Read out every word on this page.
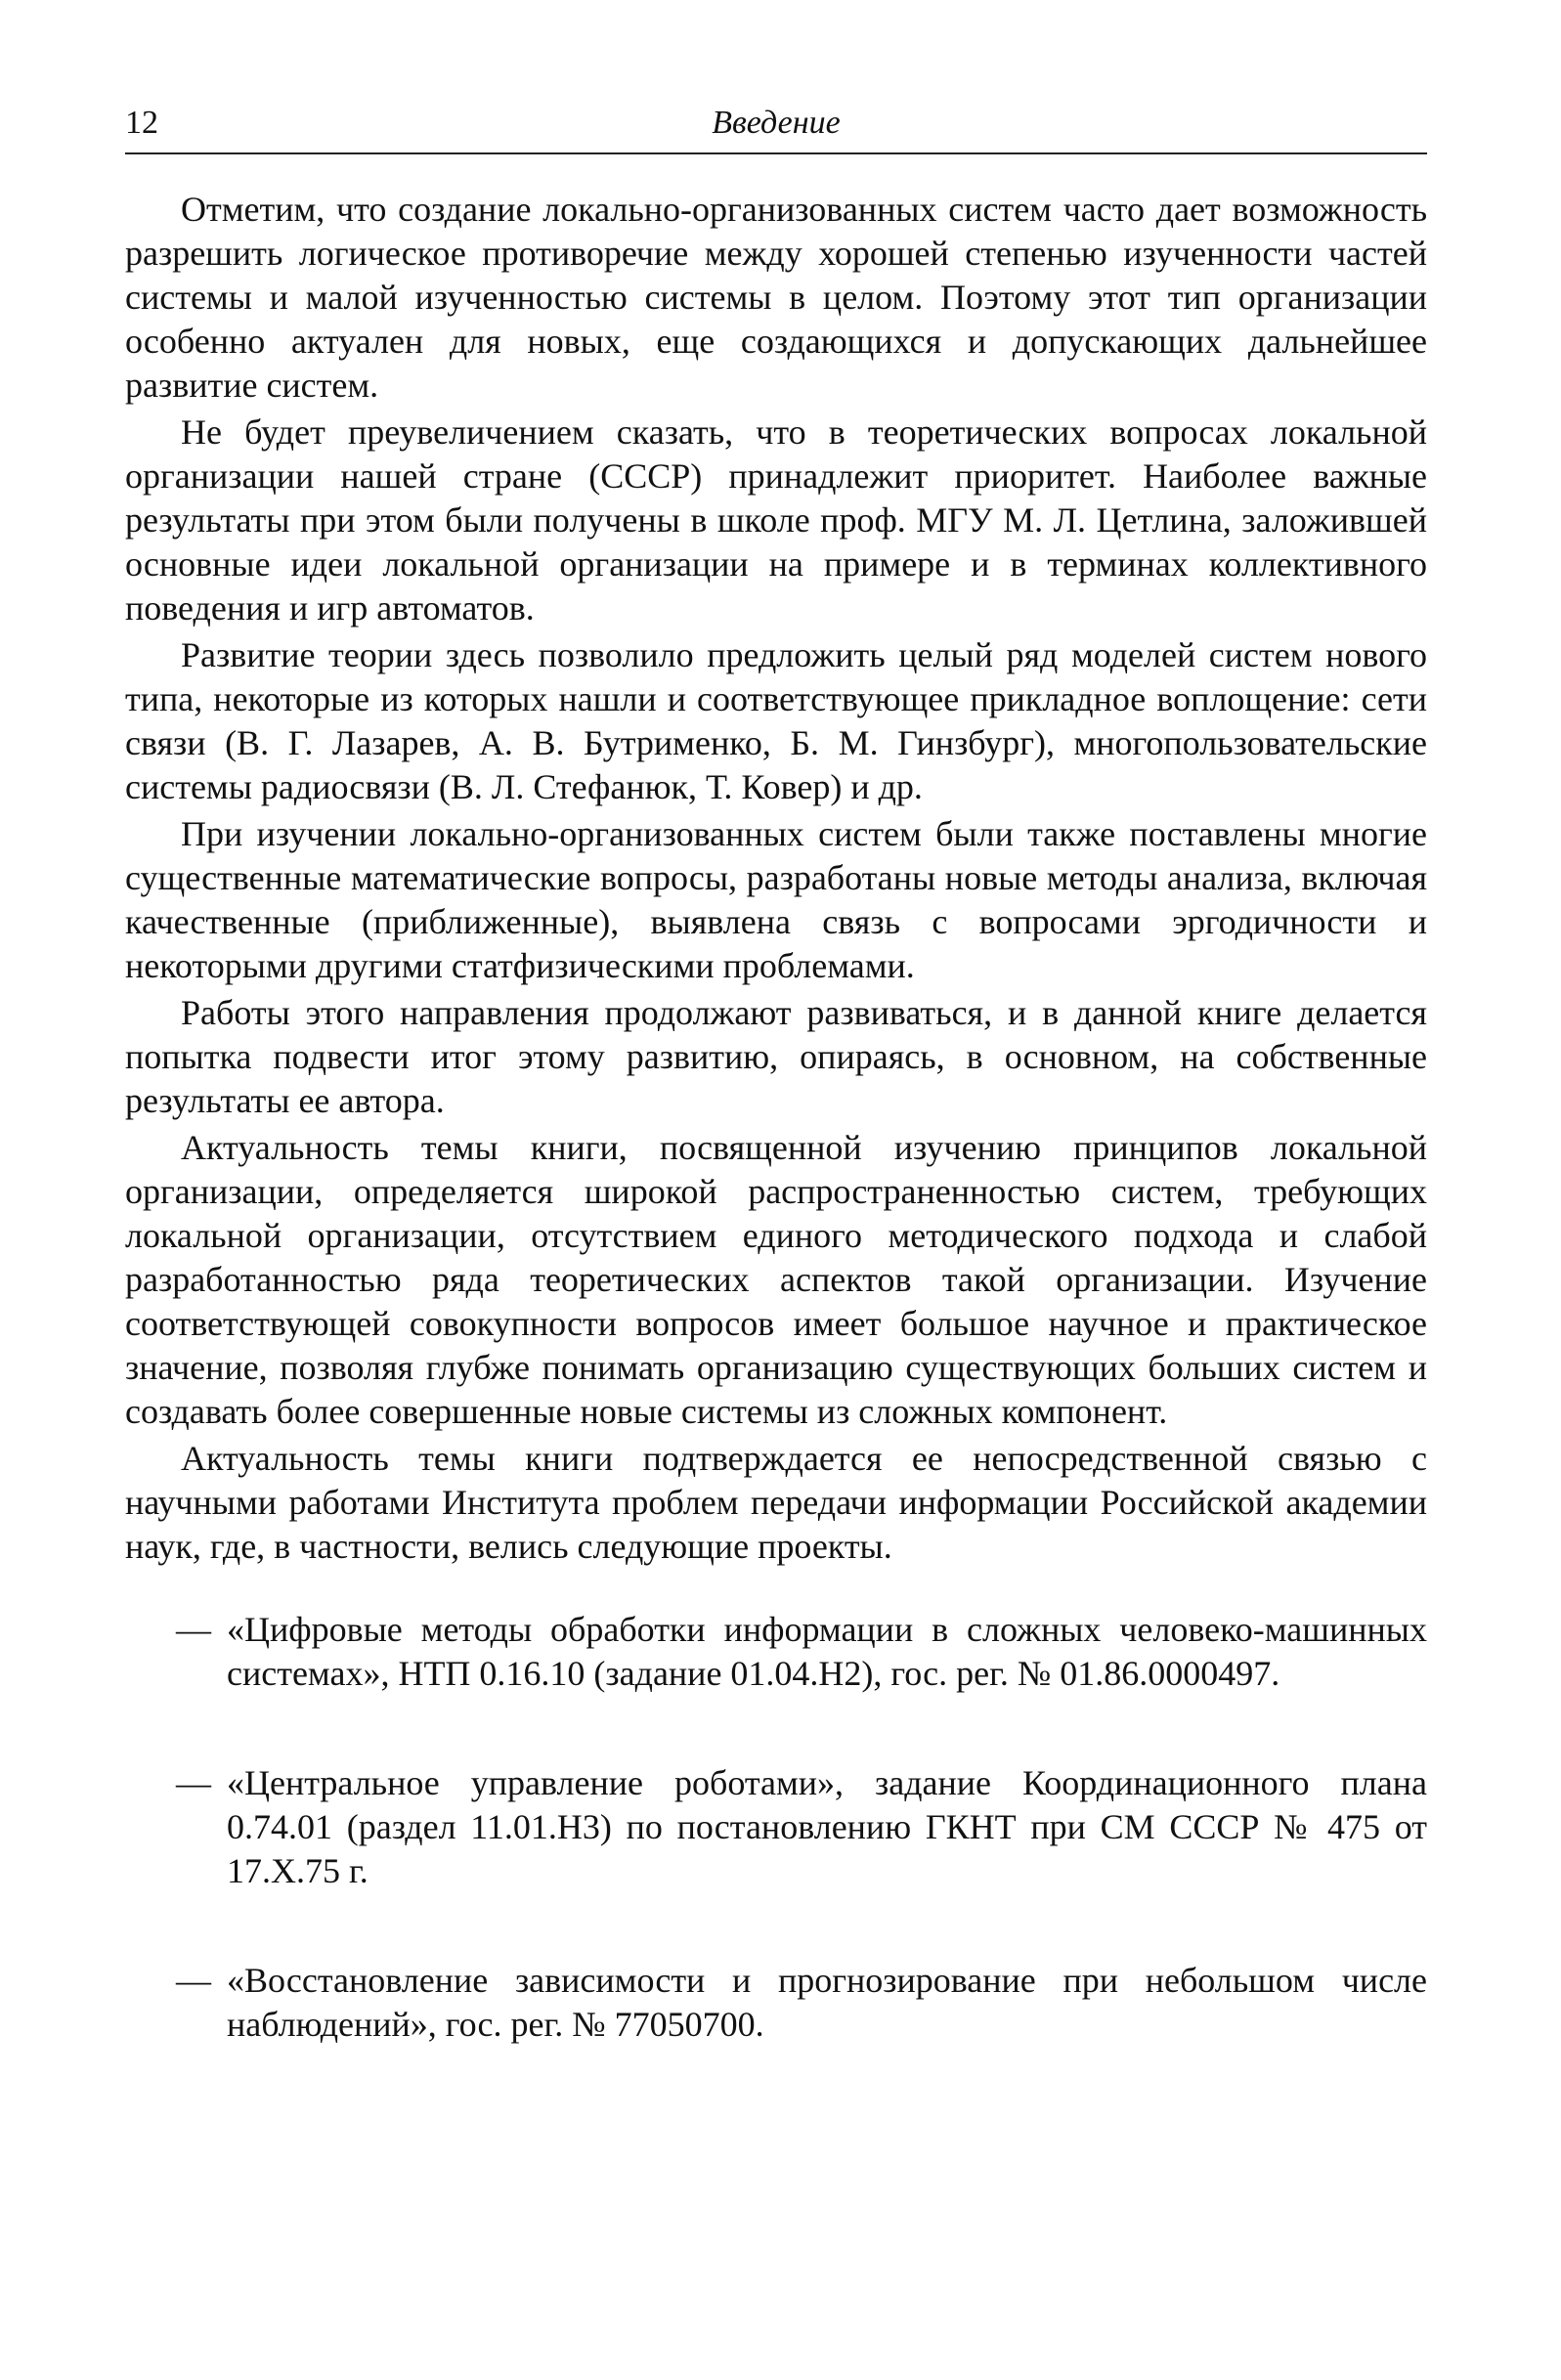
12	Введение

Отметим, что создание локально-организованных систем часто дает возможность разрешить логическое противоречие между хорошей степенью изученности частей системы и малой изученностью системы в целом. Поэтому этот тип организации особенно актуален для новых, еще создающихся и допускающих дальнейшее развитие систем.

Не будет преувеличением сказать, что в теоретических вопросах локальной организации нашей стране (СССР) принадлежит приоритет. Наиболее важные результаты при этом были получены в школе проф. МГУ М. Л. Цетлина, заложившей основные идеи локальной организации на примере и в терминах коллективного поведения и игр автоматов.

Развитие теории здесь позволило предложить целый ряд моделей систем нового типа, некоторые из которых нашли и соответствующее прикладное воплощение: сети связи (В. Г. Лазарев, А. В. Бутрименко, Б. М. Гинзбург), многопользовательские системы радиосвязи (В. Л. Стефанюк, Т. Ковер) и др.

При изучении локально-организованных систем были также поставлены многие существенные математические вопросы, разработаны новые методы анализа, включая качественные (приближенные), выявлена связь с вопросами эргодичности и некоторыми другими статфизическими проблемами.

Работы этого направления продолжают развиваться, и в данной книге делается попытка подвести итог этому развитию, опираясь, в основном, на собственные результаты ее автора.

Актуальность темы книги, посвященной изучению принципов локальной организации, определяется широкой распространенностью систем, требующих локальной организации, отсутствием единого методического подхода и слабой разработанностью ряда теоретических аспектов такой организации. Изучение соответствующей совокупности вопросов имеет большое научное и практическое значение, позволяя глубже понимать организацию существующих больших систем и создавать более совершенные новые системы из сложных компонент.

Актуальность темы книги подтверждается ее непосредственной связью с научными работами Института проблем передачи информации Российской академии наук, где, в частности, велись следующие проекты.

— «Цифровые методы обработки информации в сложных человеко-машинных системах», НТП 0.16.10 (задание 01.04.Н2), гос. рег. № 01.86.0000497.
— «Центральное управление роботами», задание Координационного плана 0.74.01 (раздел 11.01.Н3) по постановлению ГКНТ при СМ СССР № 475 от 17.Х.75 г.
— «Восстановление зависимости и прогнозирование при небольшом числе наблюдений», гос. рег. № 77050700.
